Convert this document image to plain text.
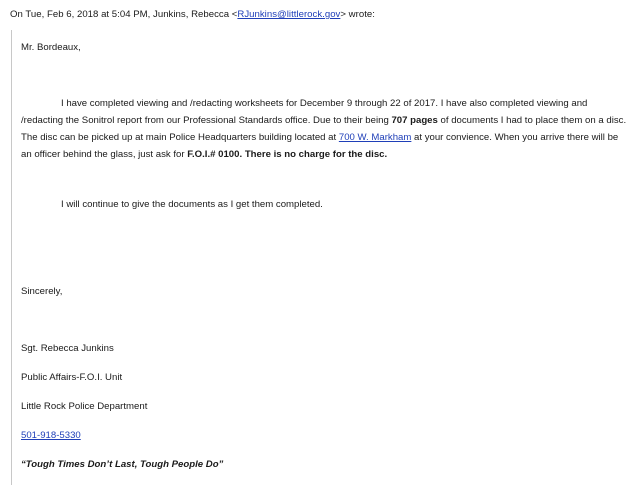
On Tue, Feb 6, 2018 at 5:04 PM, Junkins, Rebecca <RJunkins@littlerock.gov> wrote:
Mr. Bordeaux,
I have completed viewing and /redacting worksheets for December 9 through 22 of 2017. I have also completed viewing and /redacting the Sonitrol report from our Professional Standards office. Due to their being 707 pages of documents I had to place them on a disc. The disc can be picked up at main Police Headquarters building located at 700 W. Markham at your convience. When you arrive there will be an officer behind the glass, just ask for F.O.I.# 0100. There is no charge for the disc.
I will continue to give the documents as I get them completed.
Sincerely,
Sgt. Rebecca Junkins
Public Affairs-F.O.I. Unit
Little Rock Police Department
501-918-5330
“Tough Times Don’t Last, Tough People Do”
